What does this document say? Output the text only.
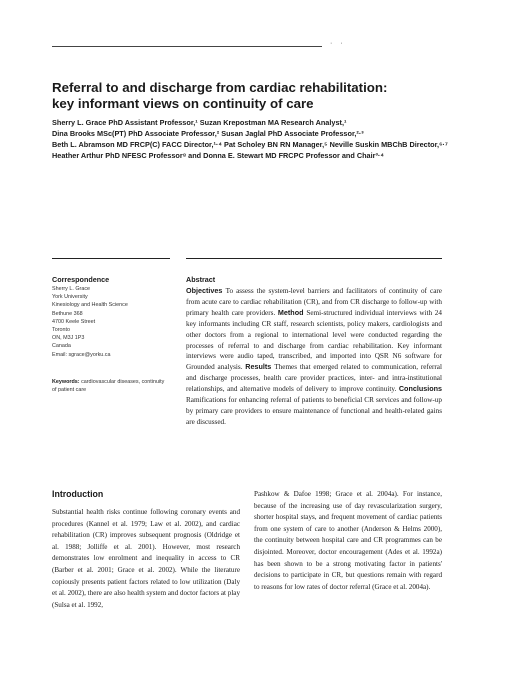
· ·
Referral to and discharge from cardiac rehabilitation:
key informant views on continuity of care
Sherry L. Grace PhD Assistant Professor,¹ Suzan Krepostman MA Research Analyst,¹
Dina Brooks MSc(PT) PhD Associate Professor,² Susan Jaglal PhD Associate Professor,²·³
Beth L. Abramson MD FRCP(C) FACC Director,¹·⁴ Pat Scholey BN RN Manager,⁵ Neville Suskin MBChB Director,⁶·⁷
Heather Arthur PhD NFESC Professor⁸ and Donna E. Stewart MD FRCPC Professor and Chair³·⁴
Correspondence
Sherry L. Grace
York University
Kinesiology and Health Science
Bethune 368
4700 Keele Street
Toronto
ON, M3J 1P3
Canada
Email: sgrace@yorku.ca
Keywords: cardiovascular diseases, continuity of patient care
Abstract

Objectives To assess the system-level barriers and facilitators of continuity of care from acute care to cardiac rehabilitation (CR), and from CR discharge to follow-up with primary health care providers. Method Semi-structured individual interviews with 24 key informants including CR staff, research scientists, policy makers, cardiologists and other doctors from a regional to international level were conducted regarding the processes of referral to and discharge from cardiac rehabilitation. Key informant interviews were audio taped, transcribed, and imported into QSR N6 software for Grounded analysis. Results Themes that emerged related to communication, referral and discharge processes, health care provider practices, inter- and intra-institutional relationships, and alternative models of delivery to improve continuity. Conclusions Ramifications for enhancing referral of patients to beneficial CR services and follow-up by primary care providers to ensure maintenance of functional and health-related gains are discussed.

Introduction

Substantial health risks continue following coronary events and procedures (Kannel et al. 1979; Law et al. 2002), and cardiac rehabilitation (CR) improves subsequent prognosis (Oldridge et al. 1988; Jolliffe et al. 2001). However, most research demonstrates low enrolment and inequality in access to CR (Barber et al. 2001; Grace et al. 2002). While the literature copiously presents patient factors related to low utilization (Daly et al. 2002), there are also health system and doctor factors at play (Sulsa et al. 1992,

Pashkow & Dafoe 1998; Grace et al. 2004a). For instance, because of the increasing use of day revascularization surgery, shorter hospital stays, and frequent movement of cardiac patients from one system of care to another (Anderson & Helms 2000), the continuity between hospital care and CR programmes can be disjointed. Moreover, doctor encouragement (Ades et al. 1992a) has been shown to be a strong motivating factor in patients' decisions to participate in CR, but questions remain with regard to reasons for low rates of doctor referral (Grace et al. 2004a).
